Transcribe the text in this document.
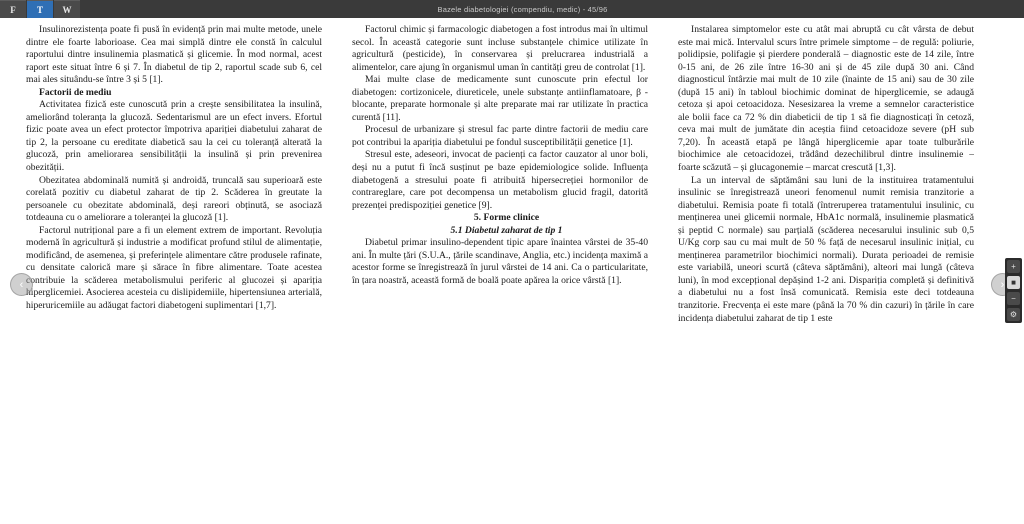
F	T	W	Bazele diabetologiei (compendiu, medic) - 45/96

Insulinorezistența poate fi pusă în evidență prin mai multe metode, unele dintre ele foarte laborioase. Cea mai simplă dintre ele constă în calculul raportului dintre insulinemia plasmatică și glicemie. În mod normal, acest raport este situat între 6 și 7. În diabetul de tip 2, raportul scade sub 6, cel mai ales situându-se între 3 și 5 [1].

Factorii de mediu

Activitatea fizică este cunoscută prin a crește sensibilitatea la insulină, ameliorând toleranța la glucoză. Sedentarismul are un efect invers. Efortul fizic poate avea un efect protector împotriva apariției diabetului zaharat de tip 2, la persoane cu ereditate diabetică sau la cei cu toleranță alterată la glucoză, prin ameliorarea sensibilității la insulină și prin prevenirea obezității.

Obezitatea abdominală numită și androidă, truncală sau superioară este corelată pozitiv cu diabetul zaharat de tip 2. Scăderea în greutate la persoanele cu obezitate abdominală, deși rareori obținută, se asociază totdeauna cu o ameliorare a toleranței la glucoză [1].

Factorul nutrițional pare a fi un element extrem de important. Revoluția modernă în agricultură și industrie a modificat profund stilul de alimentație, modificând, de asemenea, și preferințele alimentare către produsele rafinate, cu densitate calorică mare și sărace în fibre alimentare. Toate acestea contribuie la scăderea metabolismului periferic al glucozei și apariția hiperglicemiei. Asocierea acesteia cu dislipidemiile, hipertensiunea arterială, hiperuricemiile au adăugat factori diabetogeni suplimentari [1,7].

Factorul chimic și farmacologic diabetogen a fost introdus mai în ultimul secol. În această categorie sunt incluse substanțele chimice utilizate în agricultură (pesticide), în conservarea și prelucrarea industrială a alimentelor, care ajung în organismul uman în cantități greu de controlat [1].

Mai multe clase de medicamente sunt cunoscute prin efectul lor diabetogen: cortizonicele, diureticele, unele substanțe antiinflamatoare, β - blocante, preparate hormonale și alte preparate mai rar utilizate în practica curentă [11].

Procesul de urbanizare și stresul fac parte dintre factorii de mediu care pot contribui la apariția diabetului pe fondul susceptibilității genetice [1].

Stresul este, adeseori, invocat de pacienți ca factor cauzator al unor boli, deși nu a putut fi încă susținut pe baze epidemiologice solide. Influența diabetogenă a stresului poate fi atribuită hipersecreției hormonilor de contrareglare, care pot decompensa un metabolism glucid fragil, datorită prezenței predispoziției genetice [9].

5. Forme clinice

5.1 Diabetul zaharat de tip 1

Diabetul primar insulino-dependent tipic apare înaintea vârstei de 35-40 ani. În multe țări (S.U.A., țările scandinave, Anglia, etc.) incidența maximă a acestor forme se înregistrează în jurul vârstei de 14 ani. Ca o particularitate, în țara noastră, această formă de boală poate apărea la orice vârstă [1].

Instalarea simptomelor este cu atât mai abruptă cu cât vârsta de debut este mai mică. Intervalul scurs între primele simptome – de regulă: poliurie, polidipsie, polifagie și pierdere ponderală – diagnostic este de 14 zile, între 0-15 ani, de 26 zile între 16-30 ani și de 45 zile după 30 ani. Când diagnosticul întârzie mai mult de 10 zile (înainte de 15 ani) sau de 30 zile (după 15 ani) în tabloul biochimic dominat de hiperglicemie, se adaugă cetoza și apoi cetoacidoza. Nesesizarea la vreme a semnelor caracteristice ale bolii face ca 72 % din diabeticii de tip 1 să fie diagnosticați în cetoză, ceva mai mult de jumătate din aceștia fiind cetoacidoze severe (pH sub 7,20). În această etapă pe lângă hiperglicemie apar toate tulburările biochimice ale cetoacidozei, trădând dezechilibrul dintre insulinemie – foarte scăzută – și glucagonemie – marcat crescută [1,3].

La un interval de săptămâni sau luni de la instituirea tratamentului insulinic se înregistrează uneori fenomenul numit remisia tranzitorie a diabetului. Remisia poate fi totală (întreruperea tratamentului insulinic, cu menținerea unei glicemii normale, HbA1c normală, insulinemie plasmatică și peptid C normale) sau parțială (scăderea necesarului insulinic sub 0,5 U/Kg corp sau cu mai mult de 50 % față de necesarul insulinic inițial, cu menținerea parametrilor biochimici normali). Durata perioadei de remisie este variabilă, uneori scurtă (câteva săptămâni), alteori mai lungă (câteva luni), în mod excepțional depășind 1-2 ani. Dispariția completă și definitivă a diabetului nu a fost însă comunicată. Remisia este deci totdeauna tranzitorie. Frecvența ei este mare (până la 70 % din cazuri) în țările în care incidența diabetului zaharat de tip 1 este

‹	›
+
■
−
⚙
